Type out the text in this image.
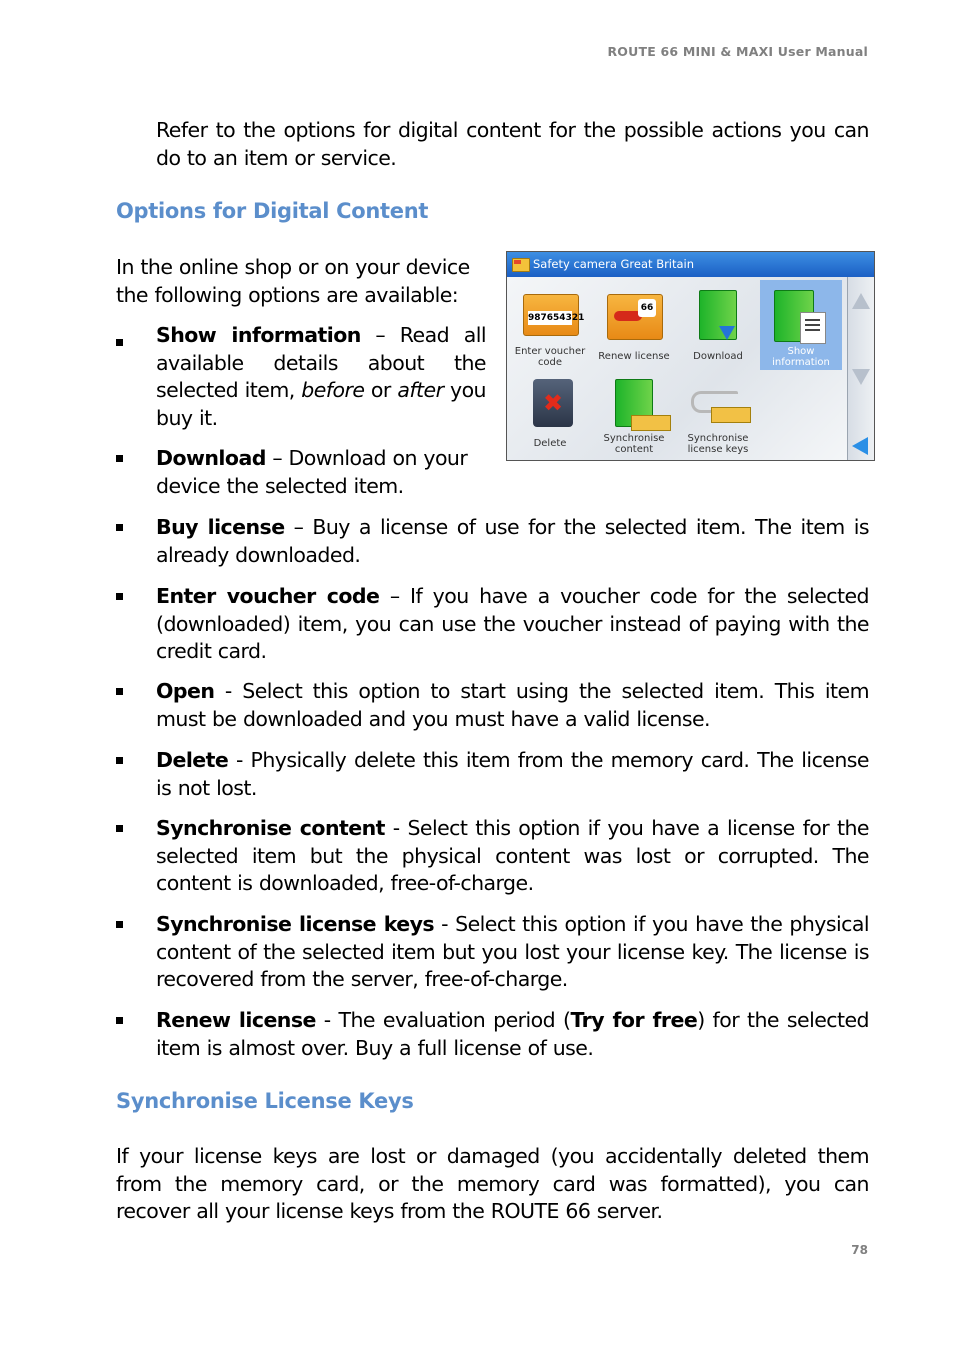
ROUTE 66 MINI & MAXI User Manual
Refer to the options for digital content for the possible actions you can do to an item or service.
Options for Digital Content
In the online shop or on your device
the following options are available:
Show information – Read all available details about the selected item, before or after you buy it.
Download – Download on your device the selected item.
Safety camera Great Britain
987654321
Enter voucher code
66
Renew license	Download	Show information
✖
Delete	Synchronise content
Synchronise license keys
Buy license – Buy a license of use for the selected item. The item is already downloaded.
Enter voucher code – If you have a voucher code for the selected (downloaded) item, you can use the voucher instead of paying with the credit card.
Open - Select this option to start using the selected item. This item must be downloaded and you must have a valid license.
Delete - Physically delete this item from the memory card. The license is not lost.
Synchronise content - Select this option if you have a license for the selected item but the physical content was lost or corrupted. The content is downloaded, free-of-charge.
Synchronise license keys - Select this option if you have the physical content of the selected item but you lost your license key. The license is recovered from the server, free-of-charge.
Renew license - The evaluation period (Try for free) for the selected item is almost over. Buy a full license of use.
Synchronise License Keys
If your license keys are lost or damaged (you accidentally deleted them from the memory card, or the memory card was formatted), you can recover all your license keys from the ROUTE 66 server.
78
